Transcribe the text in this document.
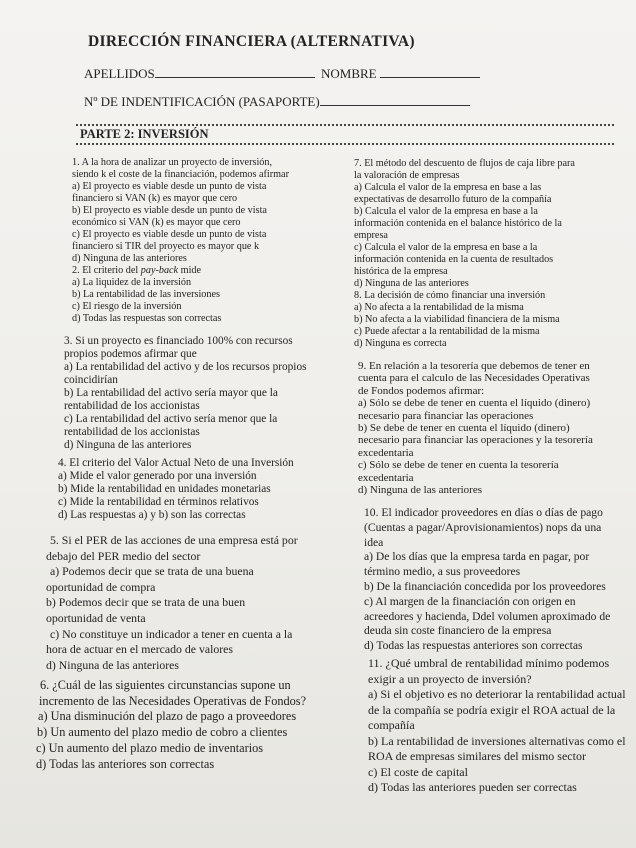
DIRECCIÓN FINANCIERA (ALTERNATIVA)
APELLIDOS	NOMBRE
Nº DE INDENTIFICACIÓN (PASAPORTE)
PARTE 2: INVERSIÓN
1. A la hora de analizar un proyecto de inversión,
siendo k el coste de la financiación, podemos afirmar
a) El proyecto es viable desde un punto de vista
financiero si VAN (k) es mayor que cero
b) El proyecto es viable desde un punto de vista
económico si VAN (k) es mayor que cero
c) El proyecto es viable desde un punto de vista
financiero si TIR del proyecto es mayor que k
d) Ninguna de las anteriores
2. El criterio del pay-back mide
a) La liquidez de la inversión
b) La rentabilidad de las inversiones
c) El riesgo de la inversión
d) Todas las respuestas son correctas
3. Si un proyecto es financiado 100% con recursos
propios podemos afirmar que
a) La rentabilidad del activo y de los recursos propios
coincidirían
b) La rentabilidad del activo sería mayor que la
rentabilidad de los accionistas
c) La rentabilidad del activo sería menor que la
rentabilidad de los accionistas
d) Ninguna de las anteriores
4. El criterio del Valor Actual Neto de una Inversión
a) Mide el valor generado por una inversión
b) Mide la rentabilidad en unidades monetarias
c) Mide la rentabilidad en términos relativos
d) Las respuestas a) y b) son las correctas
5. Si el PER de las acciones de una empresa está por
debajo del PER medio del sector
a) Podemos decir que se trata de una buena
oportunidad de compra
b) Podemos decir que se trata de una buen
oportunidad de venta
c) No constituye un indicador a tener en cuenta a la
hora de actuar en el mercado de valores
d) Ninguna de las anteriores
6. ¿Cuál de las siguientes circunstancias supone un
incremento de las Necesidades Operativas de Fondos?
a) Una disminución del plazo de pago a proveedores
b) Un aumento del plazo medio de cobro a clientes
c) Un aumento del plazo medio de inventarios
d) Todas las anteriores son correctas
7. El método del descuento de flujos de caja libre para
la valoración de empresas
a) Calcula el valor de la empresa en base a las
expectativas de desarrollo futuro de la compañía
b) Calcula el valor de la empresa en base a la
información contenida en el balance histórico de la
empresa
c) Calcula el valor de la empresa en base a la
información contenida en la cuenta de resultados
histórica de la empresa
d) Ninguna de las anteriores
8. La decisión de cómo financiar una inversión
a) No afecta a la rentabilidad de la misma
b) No afecta a la viabilidad financiera de la misma
c) Puede afectar a la rentabilidad de la misma
d) Ninguna es correcta
9. En relación a la tesorería que debemos de tener en
cuenta para el calculo de las Necesidades Operativas
de Fondos podemos afirmar:
a) Sólo se debe de tener en cuenta el líquido (dinero)
necesario para financiar las operaciones
b) Se debe de tener en cuenta el líquido (dinero)
necesario para financiar las operaciones y la tesorería
excedentaria
c) Sólo se debe de tener en cuenta la tesorería
excedentaria
d) Ninguna de las anteriores
10. El indicador proveedores en días o días de pago
(Cuentas a pagar/Aprovisionamientos) nops da una
idea
a) De los días que la empresa tarda en pagar, por
término medio, a sus proveedores
b) De la financiación concedida por los proveedores
c) Al margen de la financiación con origen en
acreedores y hacienda, Ddel volumen aproximado de
deuda sin coste financiero de la empresa
d) Todas las respuestas anteriores son correctas
11. ¿Qué umbral de rentabilidad mínimo podemos
exigir a un proyecto de inversión?
a) Si el objetivo es no deteriorar la rentabilidad actual
de la compañía se podría exigir el ROA actual de la
compañía
b) La rentabilidad de inversiones alternativas como el
ROA de empresas similares del mismo sector
c) El coste de capital
d) Todas las anteriores pueden ser correctas
